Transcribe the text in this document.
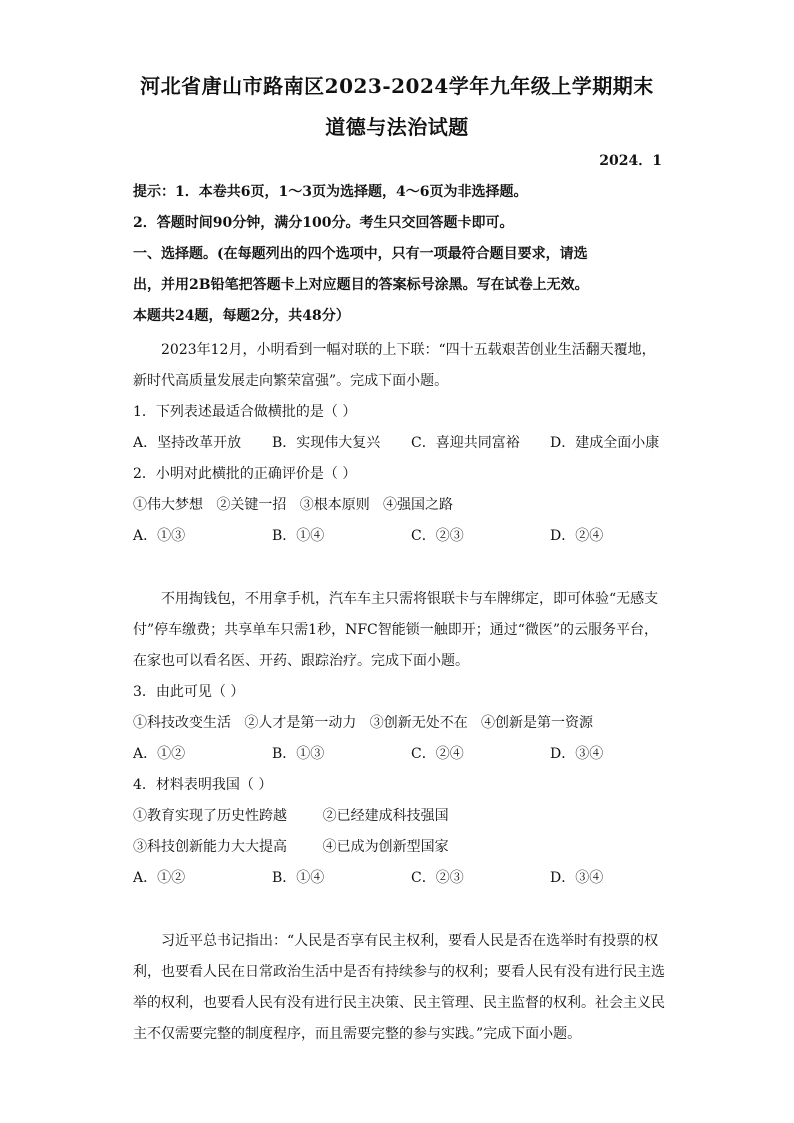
河北省唐山市路南区2023-2024学年九年级上学期期末
道德与法治试题
2024．1
提示：1．本卷共6页，1～3页为选择题，4～6页为非选择题。
2．答题时间90分钟，满分100分。考生只交回答题卡即可。
一、选择题。(在每题列出的四个选项中，只有一项最符合题目要求，请选
出，并用2B铅笔把答题卡上对应题目的答案标号涂黑。写在试卷上无效。
本题共24题，每题2分，共48分）
2023年12月，小明看到一幅对联的上下联：“四十五载艰苦创业生活翻天覆地，
新时代高质量发展走向繁荣富强”。完成下面小题。
1．下列表述最适合做横批的是（ ）
A．坚持改革开放 B．实现伟大复兴 C．喜迎共同富裕 D．建成全面小康
2．小明对此横批的正确评价是（ ）
①伟大梦想   ②关键一招   ③根本原则   ④强国之路
A．①③	B．①④	C．②③	D．②④
不用掏钱包，不用拿手机，汽车车主只需将银联卡与车牌绑定，即可体验“无感支
付”停车缴费；共享单车只需1秒，NFC智能锁一触即开；通过“微医”的云服务平台，
在家也可以看名医、开药、跟踪治疗。完成下面小题。
3．由此可见（ ）
①科技改变生活   ②人才是第一动力   ③创新无处不在   ④创新是第一资源
A．①②	B．①③	C．②④	D．③④
4．材料表明我国（ ）
①教育实现了历史性跨越        ②已经建成科技强国
③科技创新能力大大提高        ④已成为创新型国家
A．①②	B．①④	C．②③	D．③④
习近平总书记指出：“人民是否享有民主权利，要看人民是否在选举时有投票的权
利，也要看人民在日常政治生活中是否有持续参与的权利；要看人民有没有进行民主选
举的权利，也要看人民有没有进行民主决策、民主管理、民主监督的权利。社会主义民
主不仅需要完整的制度程序，而且需要完整的参与实践。”完成下面小题。
